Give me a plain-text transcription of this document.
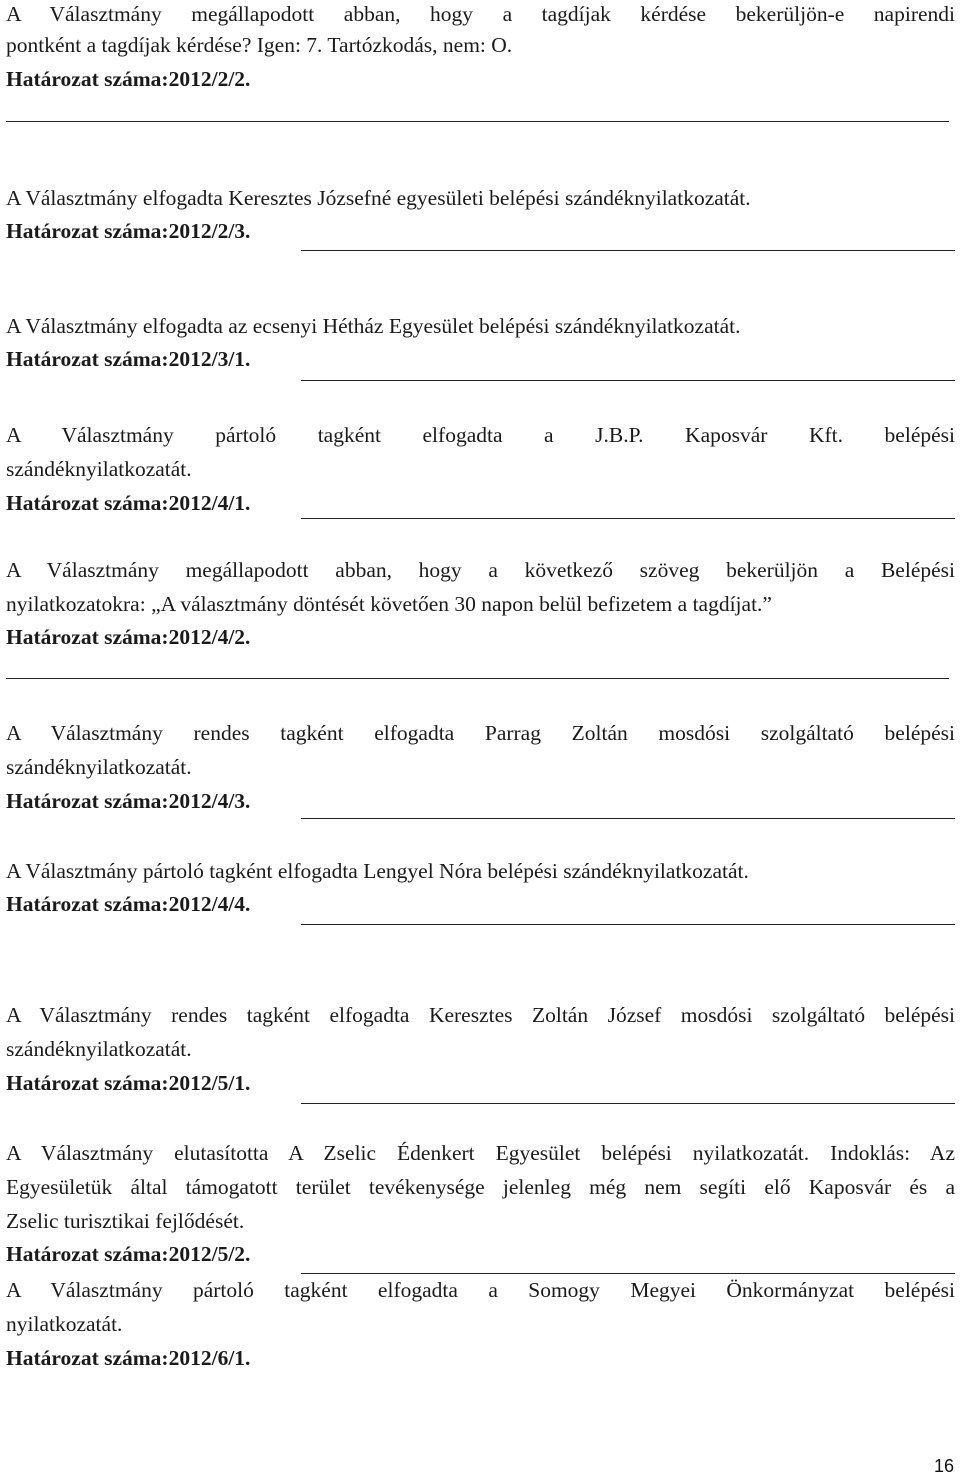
A Választmány megállapodott abban, hogy a tagdíjak kérdése bekerüljön-e napirendi
pontként a tagdíjak kérdése? Igen: 7. Tartózkodás, nem: O.
Határozat száma:2012/2/2.
A Választmány elfogadta Keresztes Józsefné egyesületi belépési szándéknyilatkozatát.
Határozat száma:2012/2/3.
A Választmány elfogadta az ecsenyi Hétház Egyesület belépési szándéknyilatkozatát.
Határozat száma:2012/3/1.
A Választmány pártoló tagként elfogadta a J.B.P. Kaposvár Kft. belépési
szándéknyilatkozatát.
Határozat száma:2012/4/1.
A Választmány megállapodott abban, hogy a következő szöveg bekerüljön a Belépési
nyilatkozatokra: „A választmány döntését követően 30 napon belül befizetem a tagdíjat.”
Határozat száma:2012/4/2.
A Választmány rendes tagként elfogadta Parrag Zoltán mosdósi szolgáltató belépési
szándéknyilatkozatát.
Határozat száma:2012/4/3.
A Választmány pártoló tagként elfogadta Lengyel Nóra belépési szándéknyilatkozatát.
Határozat száma:2012/4/4.
A Választmány rendes tagként elfogadta Keresztes Zoltán József mosdósi szolgáltató belépési
szándéknyilatkozatát.
Határozat száma:2012/5/1.
A Választmány elutasította A Zselic Édenkert Egyesület belépési nyilatkozatát. Indoklás: Az
Egyesületük által támogatott terület tevékenysége jelenleg még nem segíti elő Kaposvár és a
Zselic turisztikai fejlődését.
Határozat száma:2012/5/2.
A Választmány pártoló tagként elfogadta a Somogy Megyei Önkormányzat belépési
nyilatkozatát.
Határozat száma:2012/6/1.
16
